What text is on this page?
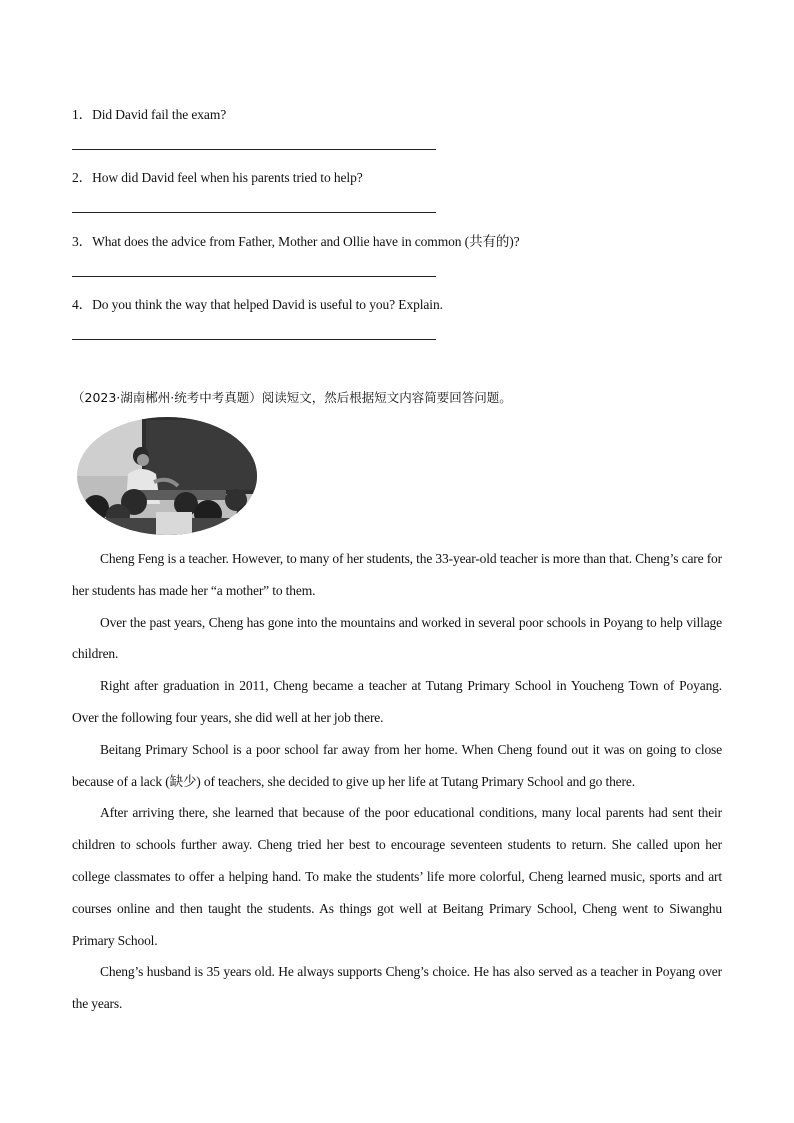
1．Did David fail the exam?
2．How did David feel when his parents tried to help?
3．What does the advice from Father, Mother and Ollie have in common (共有的)?
4．Do you think the way that helped David is useful to you? Explain.
（2023·湖南郴州·统考中考真题）阅读短文，然后根据短文内容简要回答问题。

Cheng Feng is a teacher. However, to many of her students, the 33-year-old teacher is more than that. Cheng’s care for her students has made her “a mother” to them.

Over the past years, Cheng has gone into the mountains and worked in several poor schools in Poyang to help village children.

Right after graduation in 2011, Cheng became a teacher at Tutang Primary School in Youcheng Town of Poyang. Over the following four years, she did well at her job there.

Beitang Primary School is a poor school far away from her home. When Cheng found out it was on going to close because of a lack (缺少) of teachers, she decided to give up her life at Tutang Primary School and go there.

After arriving there, she learned that because of the poor educational conditions, many local parents had sent their children to schools further away. Cheng tried her best to encourage seventeen students to return. She called upon her college classmates to offer a helping hand. To make the students’ life more colorful, Cheng learned music, sports and art courses online and then taught the students. As things got well at Beitang Primary School, Cheng went to Siwanghu Primary School.

Cheng’s husband is 35 years old. He always supports Cheng’s choice. He has also served as a teacher in Poyang over the years.
